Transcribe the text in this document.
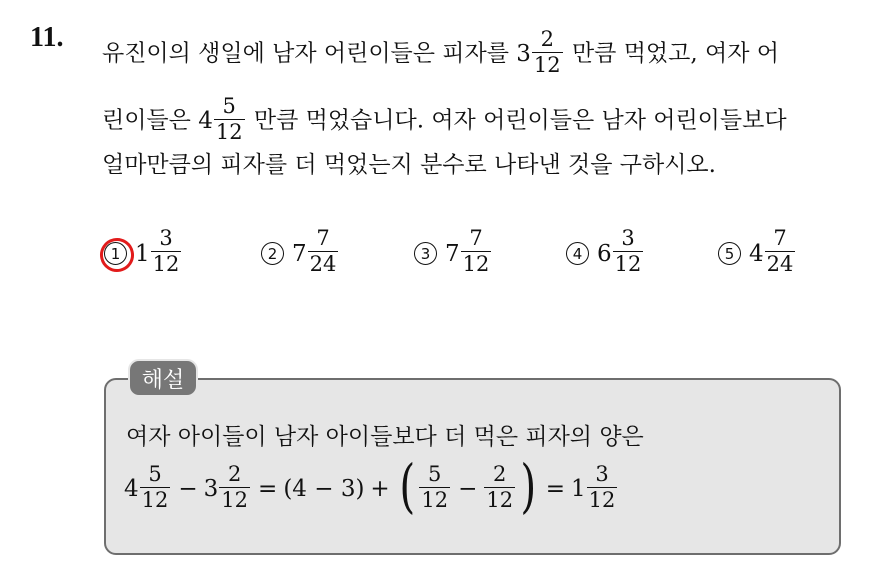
11.
유진이의 생일에 남자 어린이들은 피자를 $3 \frac{2}{12}$ 만큼 먹었고, 여자 어
린이들은 $4 \frac{5}{12}$ 만큼 먹었습니다. 여자 어린이들은 남자 어린이들보다
얼마만큼의 피자를 더 먹었는지 분수로 나타낸 것을 구하시오.
1 $1 \frac{3}{12}$	2 $7 \frac{7}{24}$	3 $7 \frac{7}{12}$	4 $6 \frac{3}{12}$	5 $4 \frac{7}{24}$
해설
여자 아이들이 남자 아이들보다 더 먹은 피자의 양은
$4 \frac{5}{12} - 3 \frac{2}{12} = (4 - 3)$ + ( $\frac{5}{12} - \frac{2}{12}$ ) = $1 \frac{3}{12}$
